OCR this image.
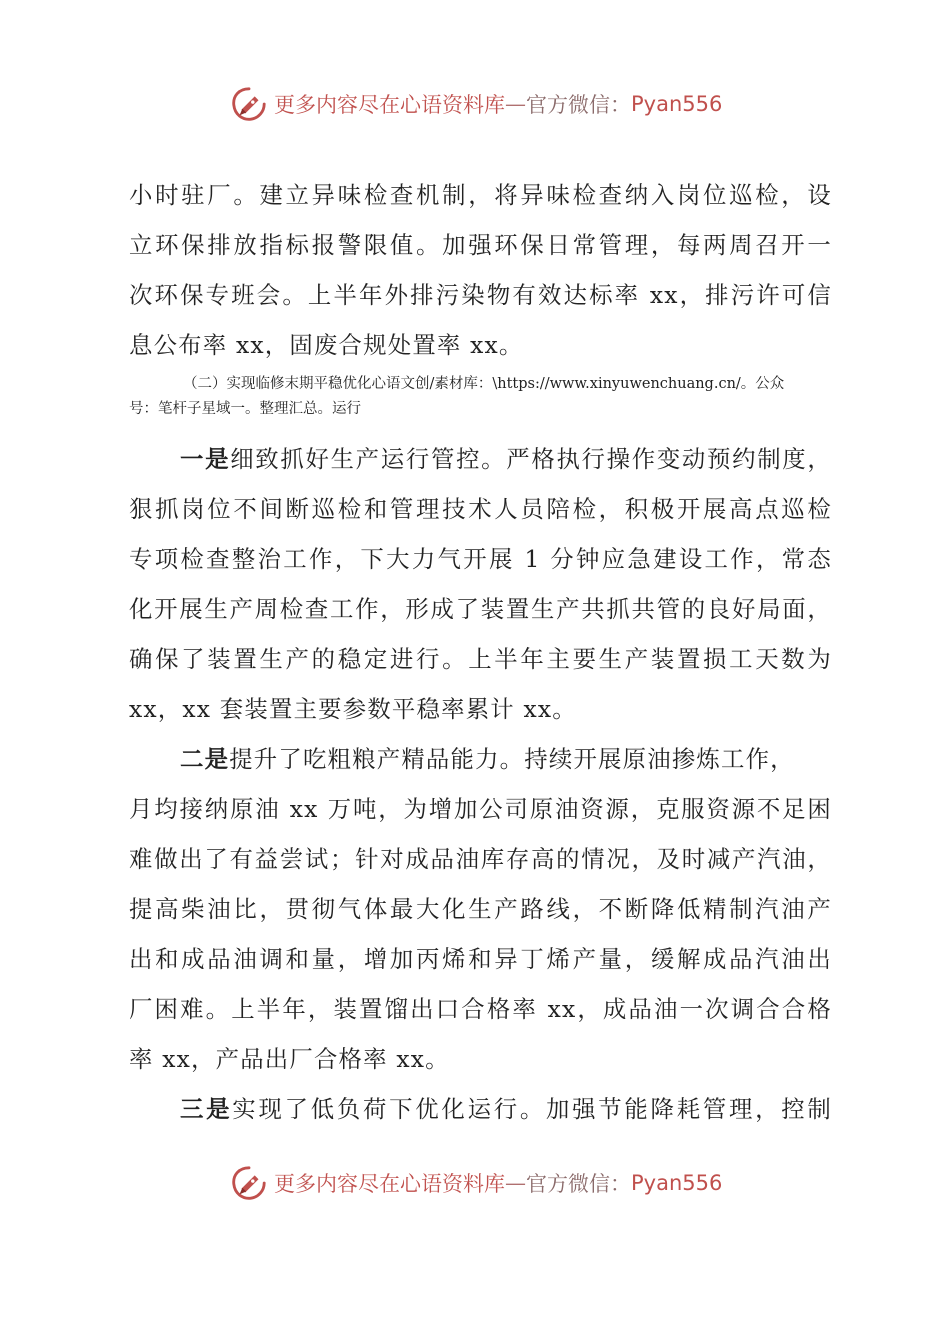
更多内容尽在心语资料库 — 官方微信： Pyan556
小时驻厂。建立异味检查机制，将异味检查纳入岗位巡检，设
立环保排放指标报警限值。加强环保日常管理，每两周召开一
次环保专班会。上半年外排污染物有效达标率 xx，排污许可信
息公布率 xx，固废合规处置率 xx。
（二）实现临修末期平稳优化心语文创/素材库：\https://www.xinyuwenchuang.cn/。公众
号：笔杆子星域一。整理汇总。运行
一是细致抓好生产运行管控。严格执行操作变动预约制度，
狠抓岗位不间断巡检和管理技术人员陪检，积极开展高点巡检
专项检查整治工作，下大力气开展 1 分钟应急建设工作，常态
化开展生产周检查工作，形成了装置生产共抓共管的良好局面，
确保了装置生产的稳定进行。上半年主要生产装置损工天数为
xx，xx 套装置主要参数平稳率累计 xx。
二是提升了吃粗粮产精品能力。持续开展原油掺炼工作，
月均接纳原油 xx 万吨，为增加公司原油资源，克服资源不足困
难做出了有益尝试；针对成品油库存高的情况，及时减产汽油，
提高柴油比，贯彻气体最大化生产路线，不断降低精制汽油产
出和成品油调和量，增加丙烯和异丁烯产量，缓解成品汽油出
厂困难。上半年，装置馏出口合格率 xx，成品油一次调合合格
率 xx，产品出厂合格率 xx。
三是实现了低负荷下优化运行。加强节能降耗管理，控制
更多内容尽在心语资料库 — 官方微信： Pyan556
